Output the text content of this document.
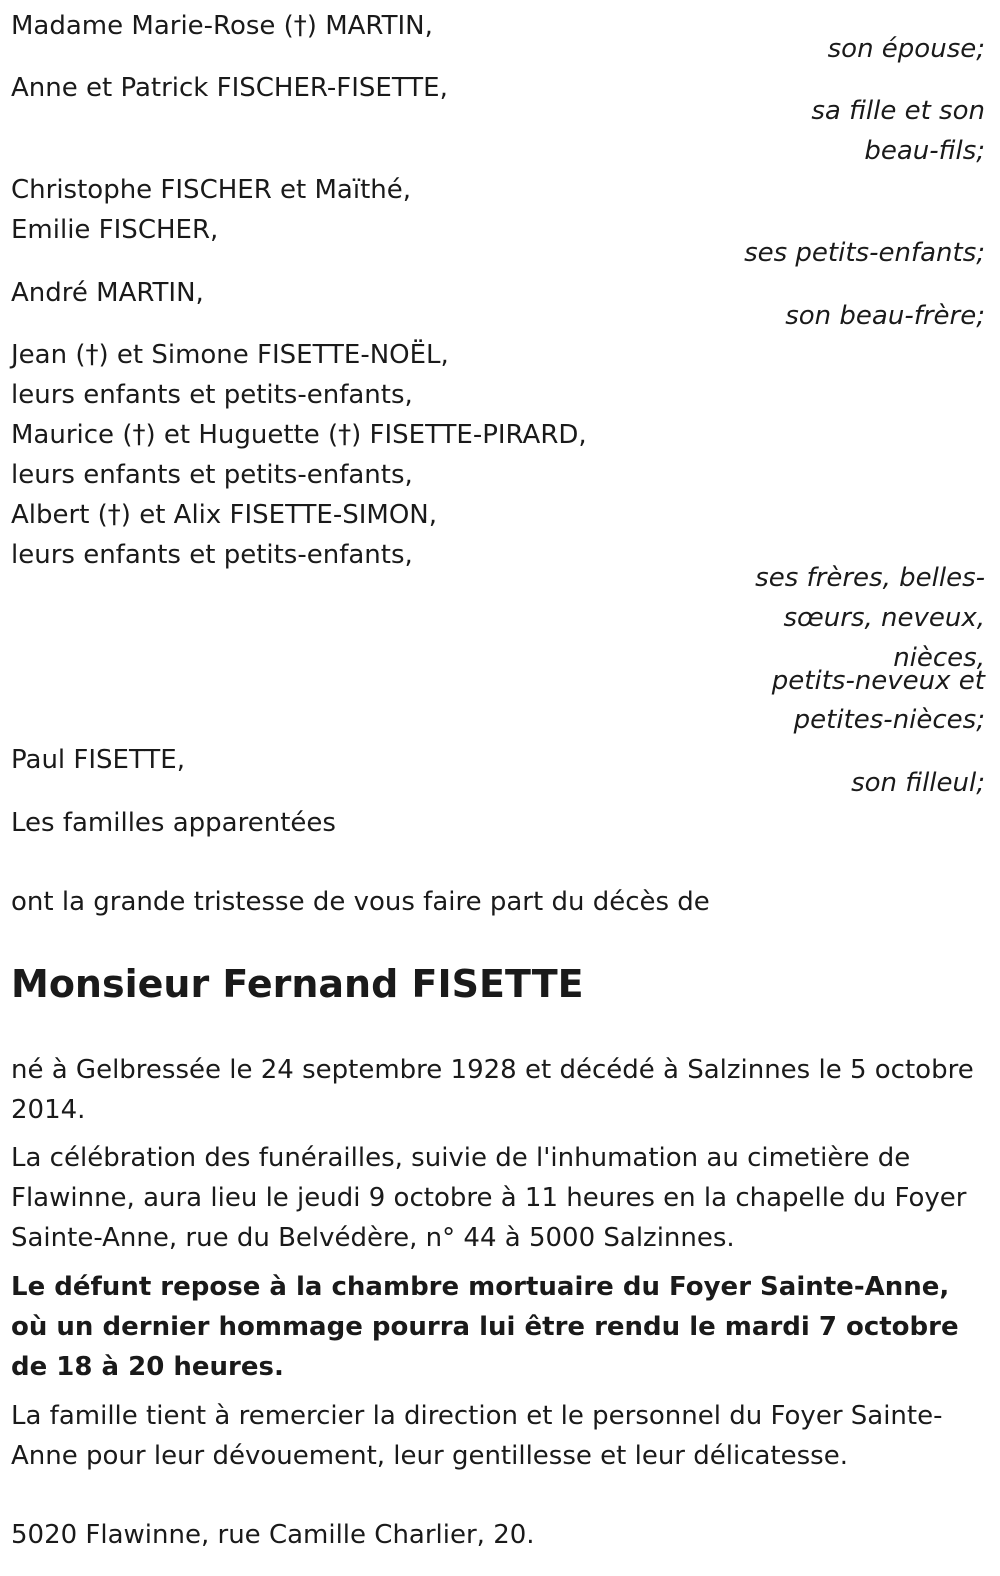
Madame Marie-Rose (†) MARTIN,
son épouse;
Anne et Patrick FISCHER-FISETTE,
sa fille et son
beau-fils;
Christophe FISCHER et Maïthé,
Emilie FISCHER,
ses petits-enfants;
André MARTIN,
son beau-frère;
Jean (†) et Simone FISETTE-NOËL,
leurs enfants et petits-enfants,
Maurice (†) et Huguette (†) FISETTE-PIRARD,
leurs enfants et petits-enfants,
Albert (†) et Alix FISETTE-SIMON,
leurs enfants et petits-enfants,
ses frères, belles-
sœurs, neveux,
nièces,
petits-neveux et
petites-nièces;
Paul FISETTE,
son filleul;
Les familles apparentées
ont la grande tristesse de vous faire part du décès de
Monsieur Fernand FISETTE
né à Gelbressée le 24 septembre 1928 et décédé à Salzinnes le 5 octobre 2014.
La célébration des funérailles, suivie de l'inhumation au cimetière de Flawinne, aura lieu le jeudi 9 octobre à 11 heures en la chapelle du Foyer Sainte-Anne, rue du Belvédère, n° 44 à 5000 Salzinnes.
Le défunt repose à la chambre mortuaire du Foyer Sainte-Anne, où un dernier hommage pourra lui être rendu le mardi 7 octobre de 18 à 20 heures.
La famille tient à remercier la direction et le personnel du Foyer Sainte-Anne pour leur dévouement, leur gentillesse et leur délicatesse.
5020 Flawinne, rue Camille Charlier, 20.
